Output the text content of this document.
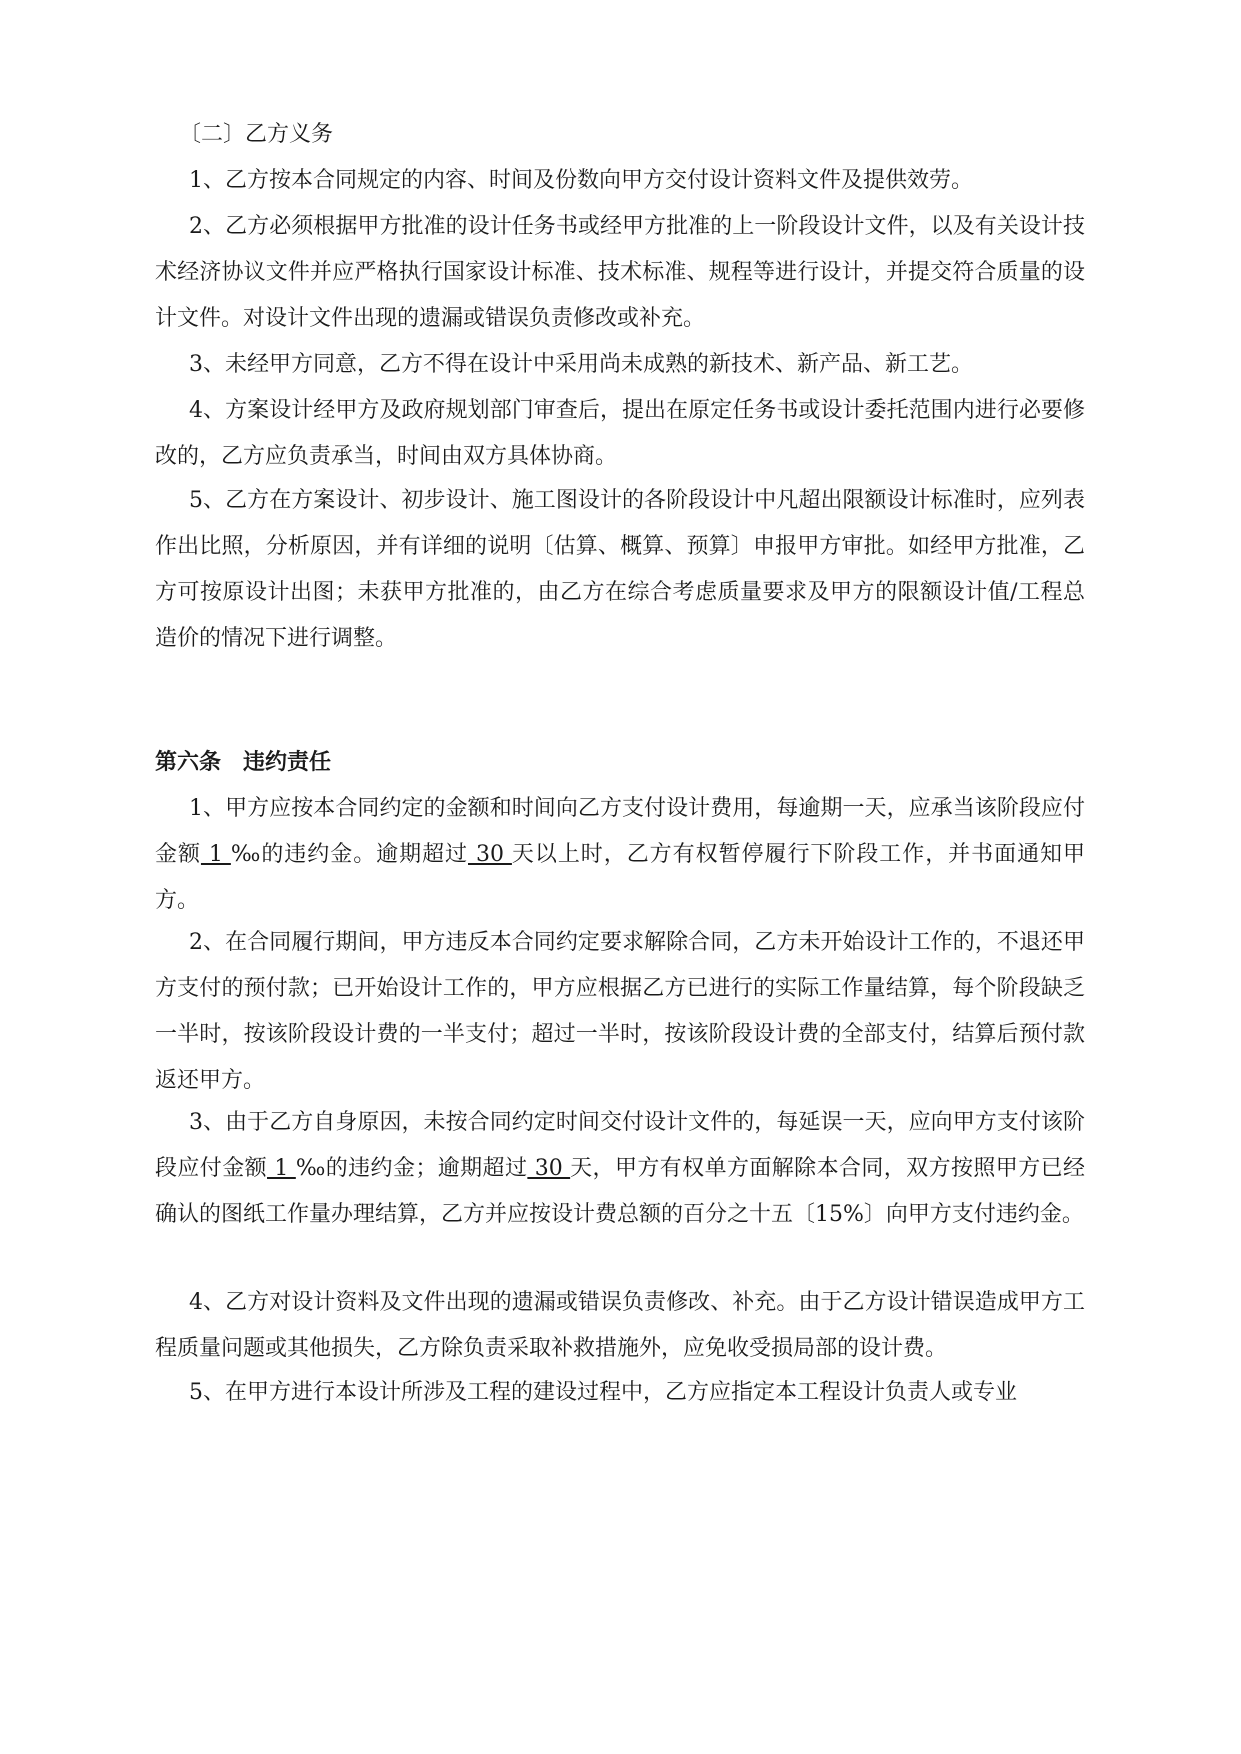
〔二〕乙方义务

1、乙方按本合同规定的内容、时间及份数向甲方交付设计资料文件及提供效劳。

2、乙方必须根据甲方批准的设计任务书或经甲方批准的上一阶段设计文件，以及有关设计技术经济协议文件并应严格执行国家设计标准、技术标准、规程等进行设计，并提交符合质量的设计文件。对设计文件出现的遗漏或错误负责修改或补充。

3、未经甲方同意，乙方不得在设计中采用尚未成熟的新技术、新产品、新工艺。

4、方案设计经甲方及政府规划部门审查后，提出在原定任务书或设计委托范围内进行必要修改的，乙方应负责承当，时间由双方具体协商。

5、乙方在方案设计、初步设计、施工图设计的各阶段设计中凡超出限额设计标准时，应列表作出比照，分析原因，并有详细的说明〔估算、概算、预算〕申报甲方审批。如经甲方批准，乙方可按原设计出图；未获甲方批准的，由乙方在综合考虑质量要求及甲方的限额设计值/工程总造价的情况下进行调整。

第六条　违约责任

1、甲方应按本合同约定的金额和时间向乙方支付设计费用，每逾期一天，应承当该阶段应付金额 1 ‰的违约金。逾期超过 30 天以上时，乙方有权暂停履行下阶段工作，并书面通知甲方。

2、在合同履行期间，甲方违反本合同约定要求解除合同，乙方未开始设计工作的，不退还甲方支付的预付款；已开始设计工作的，甲方应根据乙方已进行的实际工作量结算，每个阶段缺乏一半时，按该阶段设计费的一半支付；超过一半时，按该阶段设计费的全部支付，结算后预付款返还甲方。

3、由于乙方自身原因，未按合同约定时间交付设计文件的，每延误一天，应向甲方支付该阶段应付金额 1 ‰的违约金；逾期超过 30 天，甲方有权单方面解除本合同，双方按照甲方已经确认的图纸工作量办理结算，乙方并应按设计费总额的百分之十五〔15%〕向甲方支付违约金。

4、乙方对设计资料及文件出现的遗漏或错误负责修改、补充。由于乙方设计错误造成甲方工程质量问题或其他损失，乙方除负责采取补救措施外，应免收受损局部的设计费。

5、在甲方进行本设计所涉及工程的建设过程中，乙方应指定本工程设计负责人或专业
